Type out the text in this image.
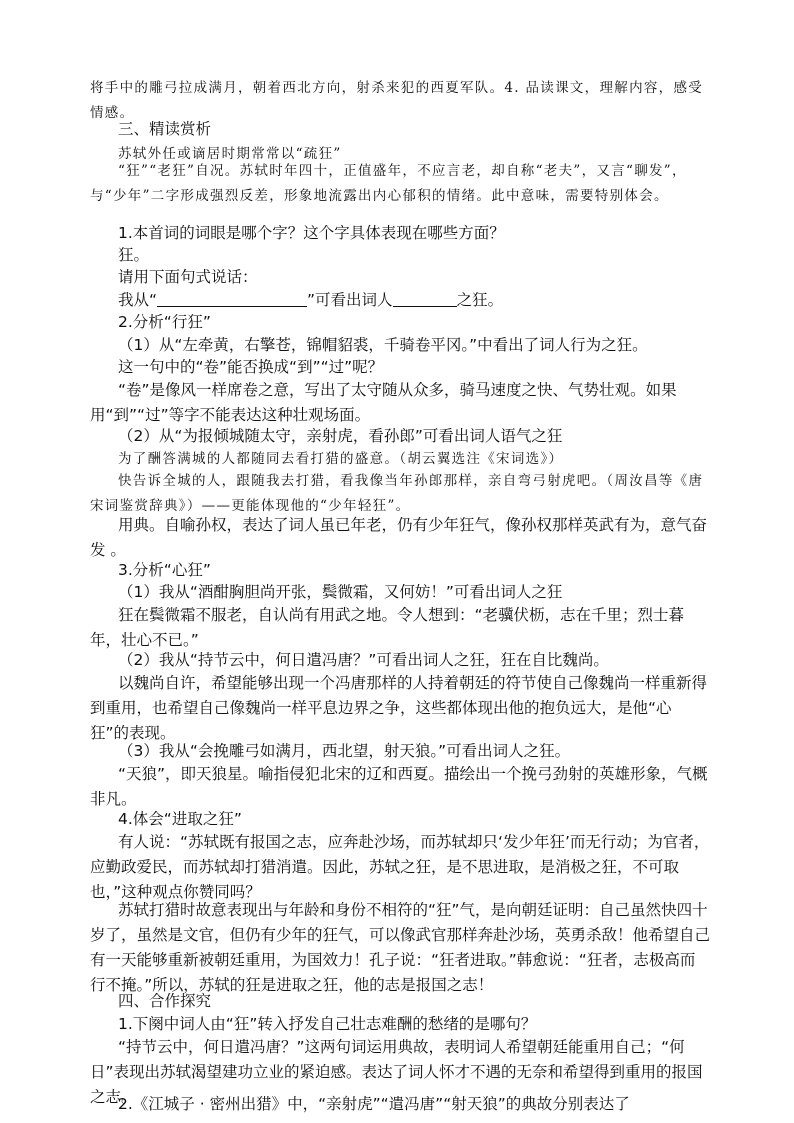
将手中的雕弓拉成满月，朝着西北方向，射杀来犯的西夏军队。4. 品读课文，理解内容，感受情感。

三、精读赏析

苏轼外任或谪居时期常常以“疏狂”

“狂”“老狂”自况。苏轼时年四十，正值盛年，不应言老，却自称“老夫”，又言“聊发”，与“少年”二字形成强烈反差，形象地流露出内心郁积的情绪。此中意味，需要特别体会。

1.本首词的词眼是哪个字？这个字具体表现在哪些方面？

狂。

请用下面句式说话：

我从“	”可看出词人	之狂。

2.分析“行狂”

（1）从“左牵黄，右擎苍，锦帽貂裘，千骑卷平冈。”中看出了词人行为之狂。

这一句中的“卷”能否换成“到”“过”呢？

“卷”是像风一样席卷之意，写出了太守随从众多，骑马速度之快、气势壮观。如果用“到”“过”等字不能表达这种壮观场面。

（2）从“为报倾城随太守，亲射虎，看孙郎”可看出词人语气之狂

为了酬答满城的人都随同去看打猎的盛意。（胡云翼选注《宋词选》）

快告诉全城的人，跟随我去打猎，看我像当年孙郎那样，亲自弯弓射虎吧。（周汝昌等《唐宋词鉴赏辞典》）——更能体现他的“少年轻狂”。

用典。自喻孙权，表达了词人虽已年老，仍有少年狂气，像孙权那样英武有为，意气奋发 。

3.分析“心狂”

（1）我从“酒酣胸胆尚开张，鬓微霜，又何妨！”可看出词人之狂

狂在鬓微霜不服老，自认尚有用武之地。令人想到：“老骥伏枥，志在千里；烈士暮年，壮心不已。”

（2）我从“持节云中，何日遣冯唐？”可看出词人之狂，狂在自比魏尚。

以魏尚自许，希望能够出现一个冯唐那样的人持着朝廷的符节使自己像魏尚一样重新得到重用，也希望自己像魏尚一样平息边界之争，这些都体现出他的抱负远大，是他“心狂”的表现。

（3）我从“会挽雕弓如满月，西北望，射天狼。”可看出词人之狂。

“天狼”，即天狼星。喻指侵犯北宋的辽和西夏。描绘出一个挽弓劲射的英雄形象，气概非凡。

4.体会“进取之狂”

有人说：“苏轼既有报国之志，应奔赴沙场，而苏轼却只‘发少年狂’而无行动；为官者，应勤政爱民，而苏轼却打猎消遣。因此，苏轼之狂，是不思进取，是消极之狂，不可取也，”这种观点你赞同吗？

苏轼打猎时故意表现出与年龄和身份不相符的“狂”气，是向朝廷证明：自己虽然快四十岁了，虽然是文官，但仍有少年的狂气，可以像武官那样奔赴沙场，英勇杀敌！他希望自己有一天能够重新被朝廷重用，为国效力！孔子说：“狂者进取。”韩愈说：“狂者，志极高而行不掩。”所以，苏轼的狂是进取之狂，他的志是报国之志！

四、合作探究

1.下阕中词人由“狂”转入抒发自己壮志难酬的愁绪的是哪句？

“持节云中，何日遣冯唐？”这两句词运用典故，表明词人希望朝廷能重用自己；“何日”表现出苏轼渴望建功立业的紧迫感。表达了词人怀才不遇的无奈和希望得到重用的报国之志。

2.《江城子 · 密州出猎》中，“亲射虎”“遣冯唐”“射天狼”的典故分别表达了
